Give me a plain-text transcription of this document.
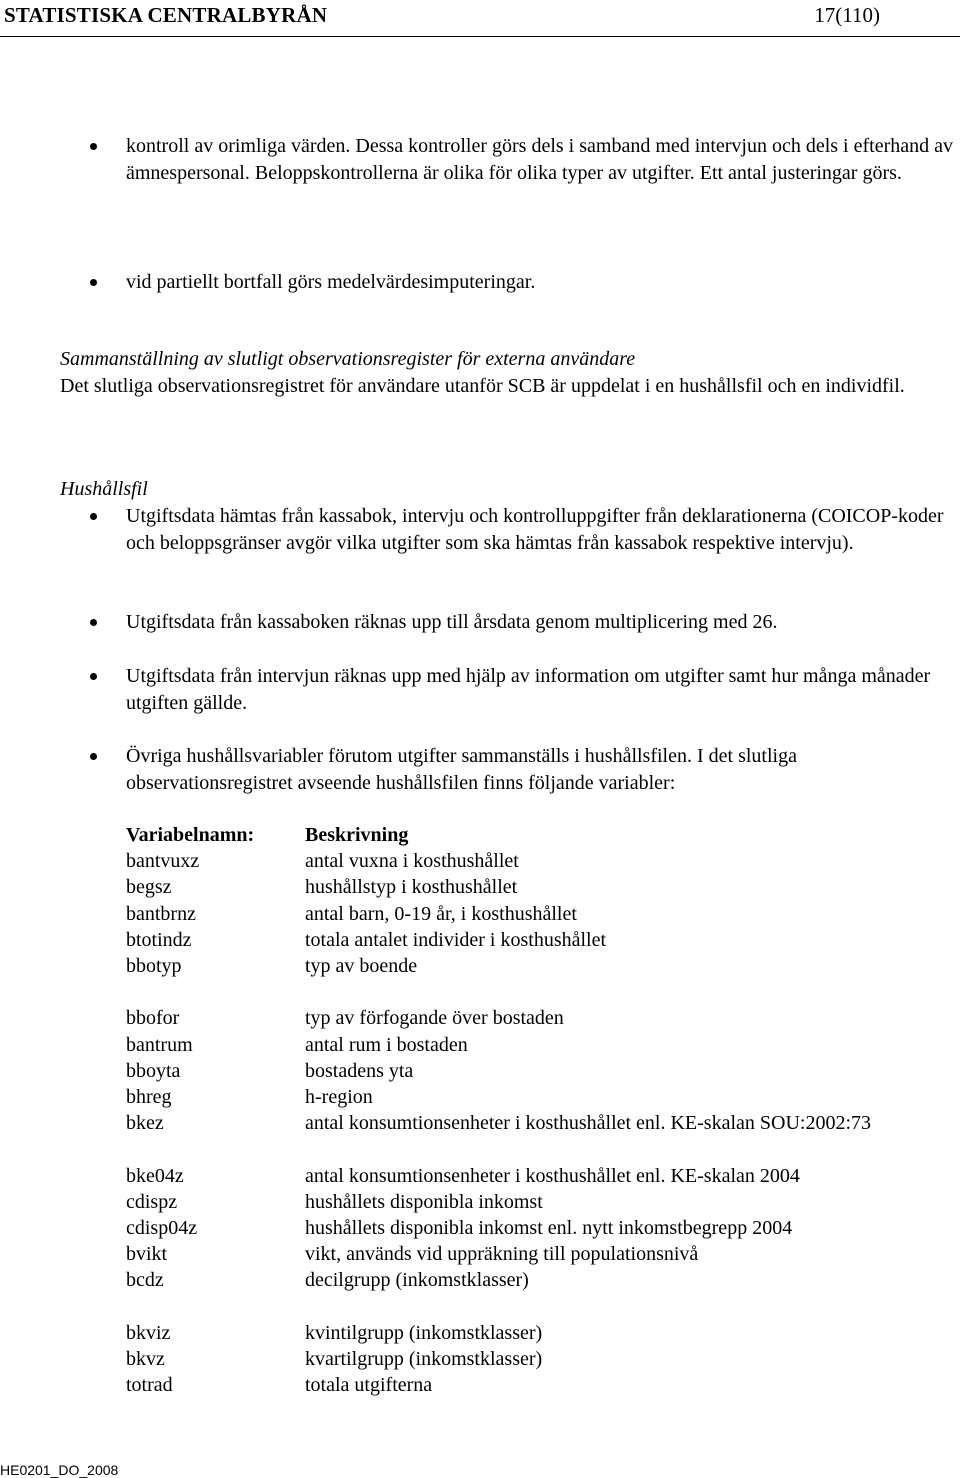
STATISTISKA CENTRALBYRÅN	17(110)
kontroll av orimliga värden. Dessa kontroller görs dels i samband med intervjun och dels i efterhand av ämnespersonal. Beloppskontrollerna är olika för olika typer av utgifter. Ett antal justeringar görs.
vid partiellt bortfall görs medelvärdesimputeringar.
Sammanställning av slutligt observationsregister för externa användare
Det slutliga observationsregistret för användare utanför SCB är uppdelat i en hushållsfil och en individfil.
Hushållsfil
Utgiftsdata hämtas från kassabok, intervju och kontrolluppgifter från deklarationerna (COICOP-koder och beloppsgränser avgör vilka utgifter som ska hämtas från kassabok respektive intervju).
Utgiftsdata från kassaboken räknas upp till årsdata genom multiplicering med 26.
Utgiftsdata från intervjun räknas upp med hjälp av information om utgifter samt hur många månader utgiften gällde.
Övriga hushållsvariabler förutom utgifter sammanställs i hushållsfilen. I det slutliga observationsregistret avseende hushållsfilen finns följande variabler:
Variabelnamn:	Beskrivning
bantvuxz	antal vuxna i kosthushållet
begsz	hushållstyp i kosthushållet
bantbrnz	antal barn, 0-19 år, i kosthushållet
btotindz	totala antalet individer i kosthushållet
bbotyp	typ av boende
bbofor	typ av förfogande över bostaden
bantrum	antal rum i bostaden
bboyta	bostadens yta
bhreg	h-region
bkez	antal konsumtionsenheter i kosthushållet enl. KE-skalan SOU:2002:73
bke04z	antal konsumtionsenheter i kosthushållet enl. KE-skalan 2004
cdispz	hushållets disponibla inkomst
cdisp04z	hushållets disponibla inkomst enl. nytt inkomstbegrepp 2004
bvikt	vikt, används vid uppräkning till populationsnivå
bcdz	decilgrupp (inkomstklasser)
bkviz	kvintilgrupp (inkomstklasser)
bkvz	kvartilgrupp (inkomstklasser)
totrad	totala utgifterna
HE0201_DO_2008
